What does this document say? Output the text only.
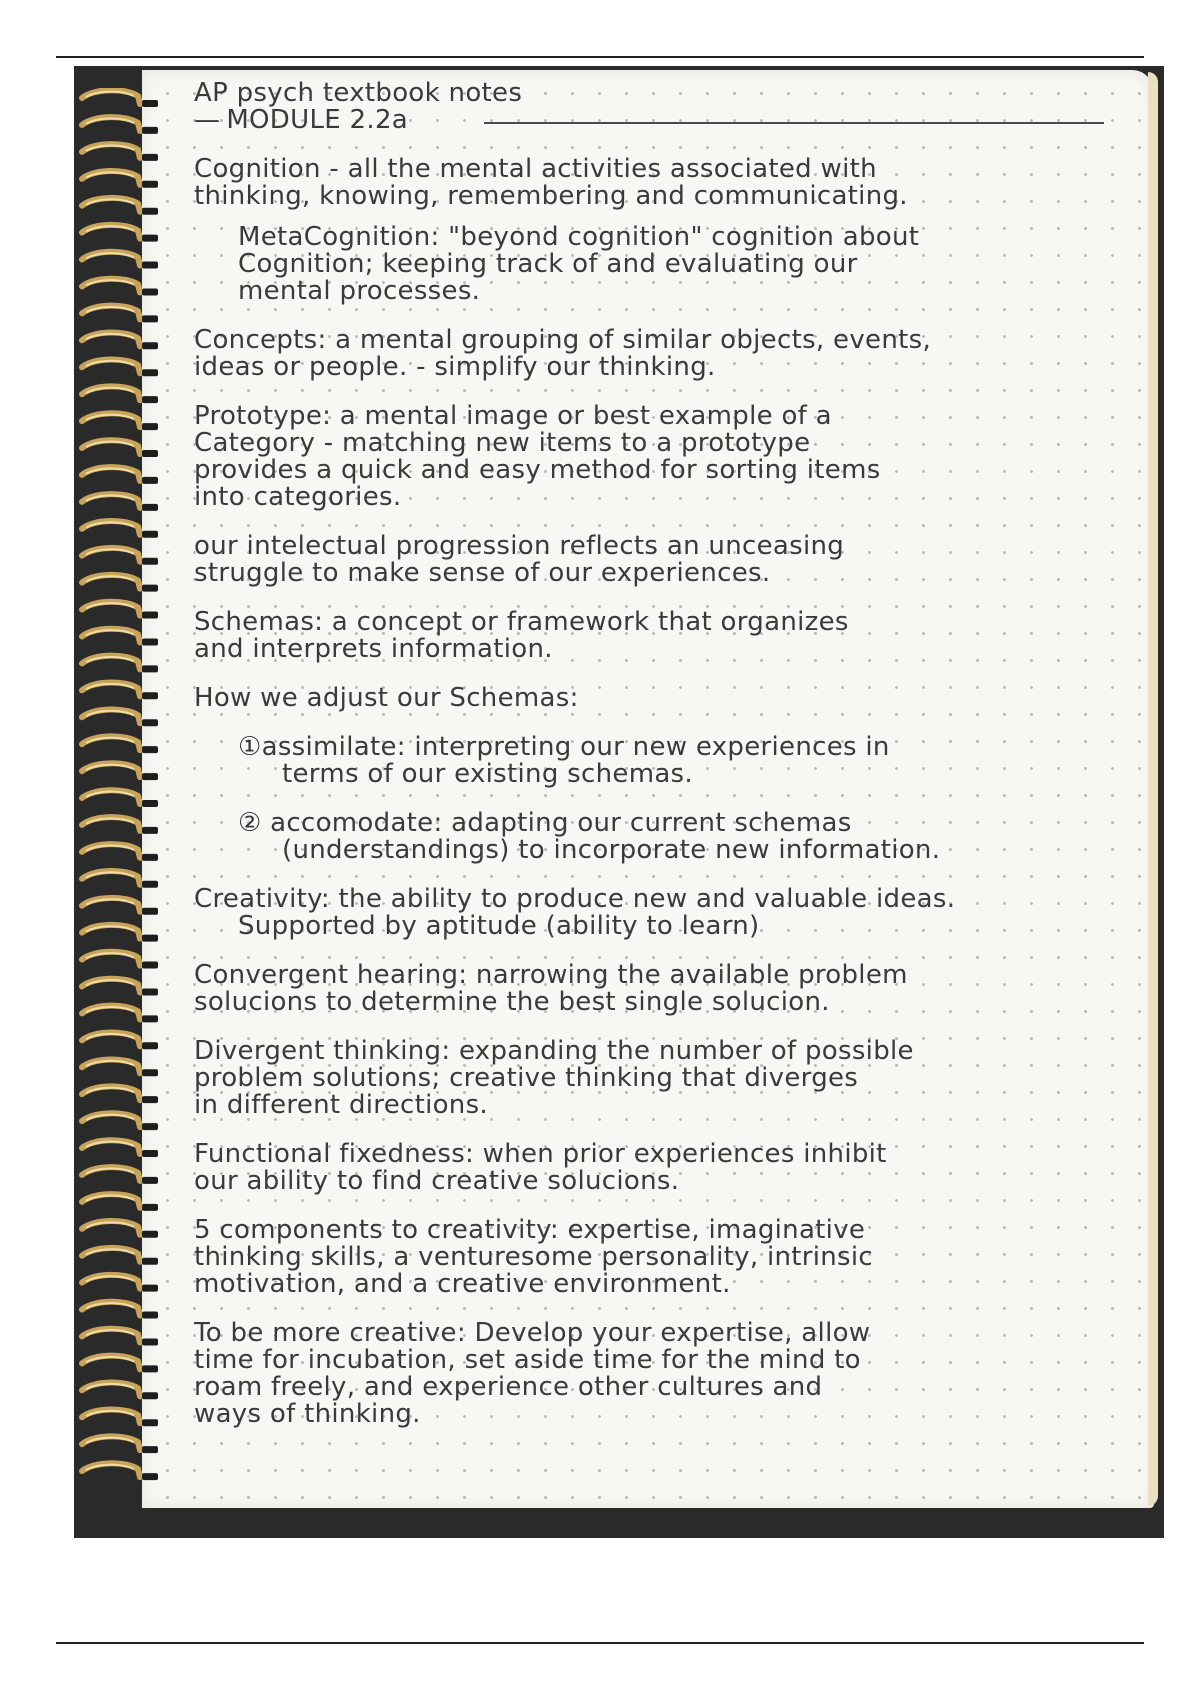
AP psych textbook notes
— MODULE 2.2a
Cognition - all the mental activities associated with
thinking, knowing, remembering and communicating.
MetaCognition: "beyond cognition" cognition about
Cognition; keeping track of and evaluating our
mental processes.
Concepts: a mental grouping of similar objects, events,
ideas or people. - simplify our thinking.
Prototype: a mental image or best example of a
Category - matching new items to a prototype
provides a quick and easy method for sorting items
into categories.
our intelectual progression reflects an unceasing
struggle to make sense of our experiences.
Schemas: a concept or framework that organizes
and interprets information.
How we adjust our Schemas:
①assimilate: interpreting our new experiences in
terms of our existing schemas.
② accomodate: adapting our current schemas
(understandings) to incorporate new information.
Creativity: the ability to produce new and valuable ideas.
Supported by aptitude (ability to learn)
Convergent hearing: narrowing the available problem
solucions to determine the best single solucion.
Divergent thinking: expanding the number of possible
problem solutions; creative thinking that diverges
in different directions.
Functional fixedness: when prior experiences inhibit
our ability to find creative solucions.
5 components to creativity: expertise, imaginative
thinking skills, a venturesome personality, intrinsic
motivation, and a creative environment.
To be more creative: Develop your expertise, allow
time for incubation, set aside time for the mind to
roam freely, and experience other cultures and
ways of thinking.
